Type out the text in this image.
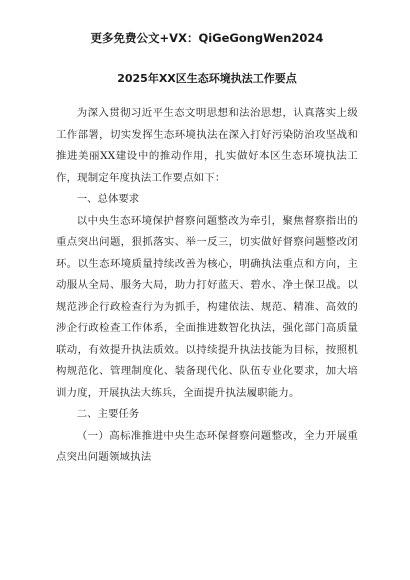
更多免费公文+VX：QiGeGongWen2024
2025年XX区生态环境执法工作要点

为深入贯彻习近平生态文明思想和法治思想，认真落实上级工作部署，切实发挥生态环境执法在深入打好污染防治攻坚战和推进美丽XX建设中的推动作用，扎实做好本区生态环境执法工作，现制定年度执法工作要点如下：

一、总体要求

以中央生态环境保护督察问题整改为牵引，聚焦督察指出的重点突出问题，狠抓落实、举一反三，切实做好督察问题整改闭环。以生态环境质量持续改善为核心，明确执法重点和方向，主动服从全局、服务大局，助力打好蓝天、碧水、净土保卫战。以规范涉企行政检查行为为抓手，构建依法、规范、精准、高效的涉企行政检查工作体系，全面推进数智化执法，强化部门高质量联动，有效提升执法质效。以持续提升执法技能为目标，按照机构规范化、管理制度化、装备现代化、队伍专业化要求，加大培训力度，开展执法大练兵，全面提升执法履职能力。

二、主要任务

（一）高标准推进中央生态环保督察问题整改，全力开展重点突出问题领域执法
